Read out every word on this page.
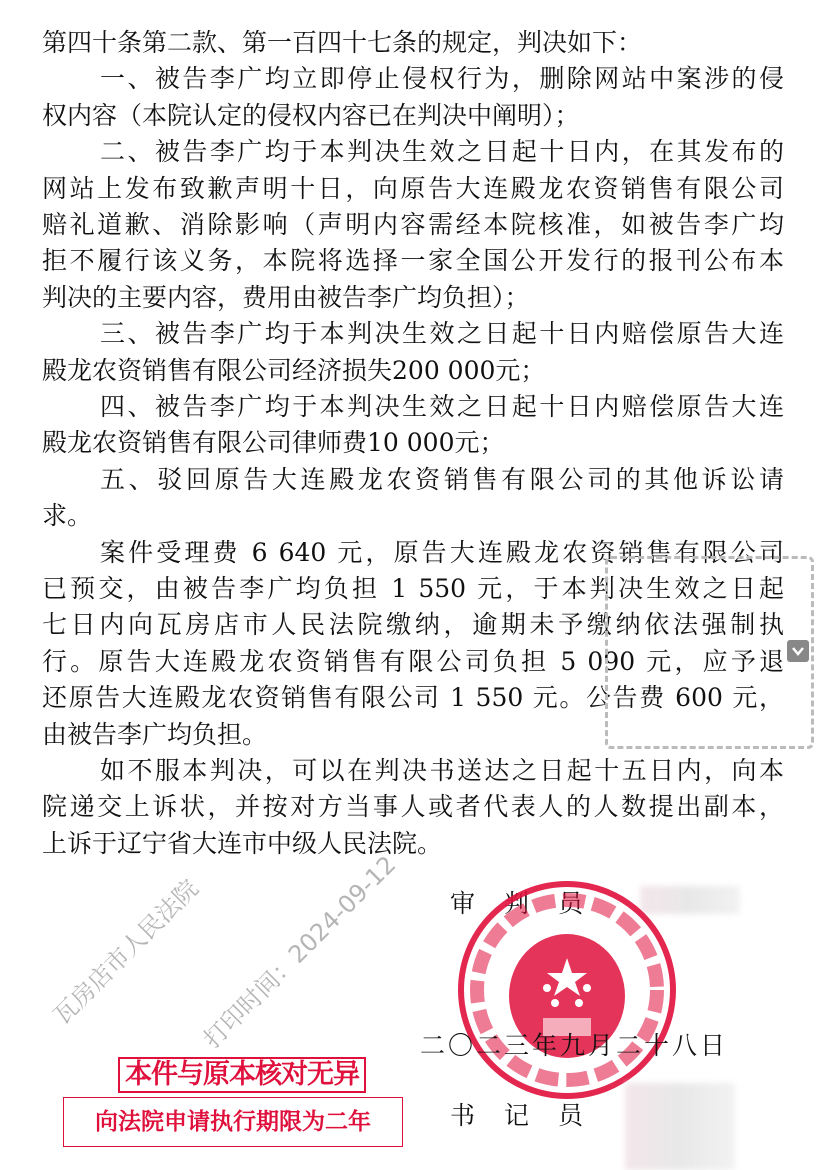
第四十条第二款、第一百四十七条的规定，判决如下：
一、被告李广均立即停止侵权行为，删除网站中案涉的侵
权内容（本院认定的侵权内容已在判决中阐明）；
二、被告李广均于本判决生效之日起十日内，在其发布的
网站上发布致歉声明十日，向原告大连殿龙农资销售有限公司
赔礼道歉、消除影响（声明内容需经本院核准，如被告李广均
拒不履行该义务，本院将选择一家全国公开发行的报刊公布本
判决的主要内容，费用由被告李广均负担）；
三、被告李广均于本判决生效之日起十日内赔偿原告大连
殿龙农资销售有限公司经济损失200 000元；
四、被告李广均于本判决生效之日起十日内赔偿原告大连
殿龙农资销售有限公司律师费10 000元；
五、驳回原告大连殿龙农资销售有限公司的其他诉讼请
求。
案件受理费 6 640 元，原告大连殿龙农资销售有限公司
已预交，由被告李广均负担 1 550 元，于本判决生效之日起
七日内向瓦房店市人民法院缴纳，逾期未予缴纳依法强制执
行。原告大连殿龙农资销售有限公司负担 5 090 元，应予退
还原告大连殿龙农资销售有限公司 1 550 元。公告费 600 元，
由被告李广均负担。
如不服本判决，可以在判决书送达之日起十五日内，向本
院递交上诉状，并按对方当事人或者代表人的人数提出副本，
上诉于辽宁省大连市中级人民法院。
审　判　员
二〇二三年九月二十八日
书　记　员
本件与原本核对无异
向法院申请执行期限为二年
瓦房店市人民法院
打印时间：2024-09-12
